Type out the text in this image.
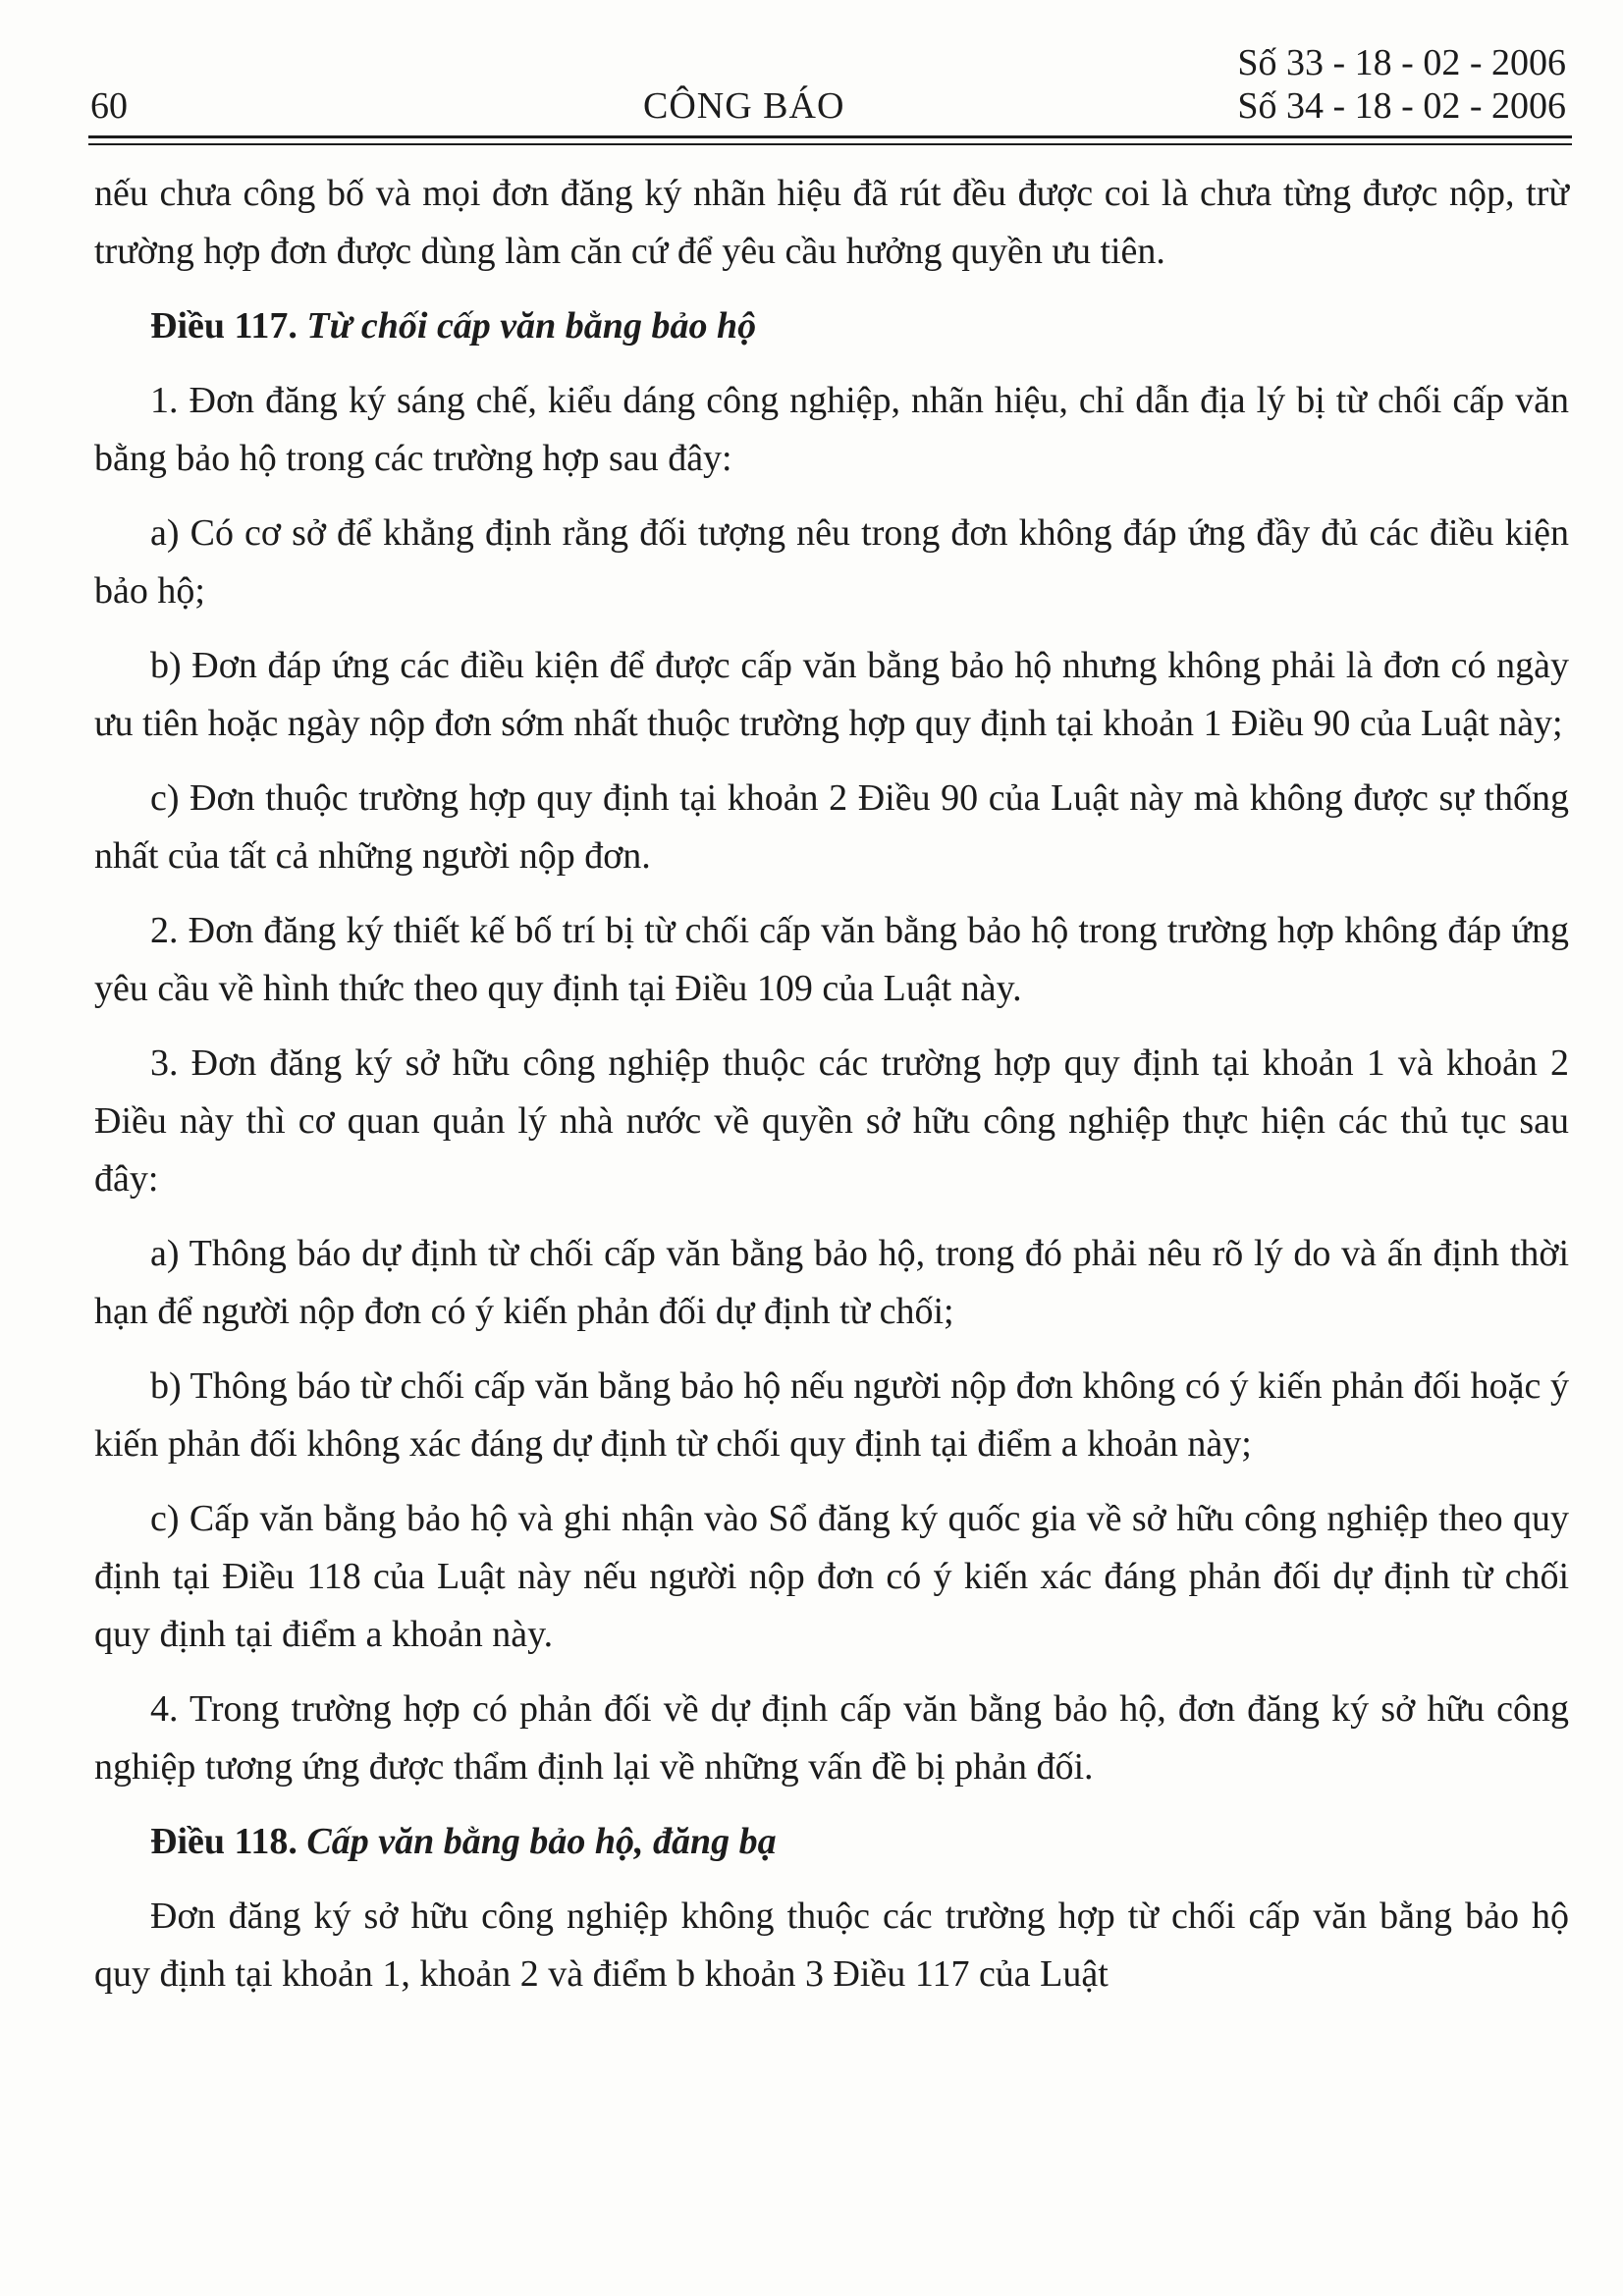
60	CÔNG BÁO
Số 33 - 18 - 02 - 2006
Số 34 - 18 - 02 - 2006

nếu chưa công bố và mọi đơn đăng ký nhãn hiệu đã rút đều được coi là chưa từng được nộp, trừ trường hợp đơn được dùng làm căn cứ để yêu cầu hưởng quyền ưu tiên.

Điều 117. Từ chối cấp văn bằng bảo hộ

1. Đơn đăng ký sáng chế, kiểu dáng công nghiệp, nhãn hiệu, chỉ dẫn địa lý bị từ chối cấp văn bằng bảo hộ trong các trường hợp sau đây:

a) Có cơ sở để khẳng định rằng đối tượng nêu trong đơn không đáp ứng đầy đủ các điều kiện bảo hộ;

b) Đơn đáp ứng các điều kiện để được cấp văn bằng bảo hộ nhưng không phải là đơn có ngày ưu tiên hoặc ngày nộp đơn sớm nhất thuộc trường hợp quy định tại khoản 1 Điều 90 của Luật này;

c) Đơn thuộc trường hợp quy định tại khoản 2 Điều 90 của Luật này mà không được sự thống nhất của tất cả những người nộp đơn.

2. Đơn đăng ký thiết kế bố trí bị từ chối cấp văn bằng bảo hộ trong trường hợp không đáp ứng yêu cầu về hình thức theo quy định tại Điều 109 của Luật này.

3. Đơn đăng ký sở hữu công nghiệp thuộc các trường hợp quy định tại khoản 1 và khoản 2 Điều này thì cơ quan quản lý nhà nước về quyền sở hữu công nghiệp thực hiện các thủ tục sau đây:

a) Thông báo dự định từ chối cấp văn bằng bảo hộ, trong đó phải nêu rõ lý do và ấn định thời hạn để người nộp đơn có ý kiến phản đối dự định từ chối;

b) Thông báo từ chối cấp văn bằng bảo hộ nếu người nộp đơn không có ý kiến phản đối hoặc ý kiến phản đối không xác đáng dự định từ chối quy định tại điểm a khoản này;

c) Cấp văn bằng bảo hộ và ghi nhận vào Sổ đăng ký quốc gia về sở hữu công nghiệp theo quy định tại Điều 118 của Luật này nếu người nộp đơn có ý kiến xác đáng phản đối dự định từ chối quy định tại điểm a khoản này.

4. Trong trường hợp có phản đối về dự định cấp văn bằng bảo hộ, đơn đăng ký sở hữu công nghiệp tương ứng được thẩm định lại về những vấn đề bị phản đối.

Điều 118. Cấp văn bằng bảo hộ, đăng bạ

Đơn đăng ký sở hữu công nghiệp không thuộc các trường hợp từ chối cấp văn bằng bảo hộ quy định tại khoản 1, khoản 2 và điểm b khoản 3 Điều 117 của Luật
